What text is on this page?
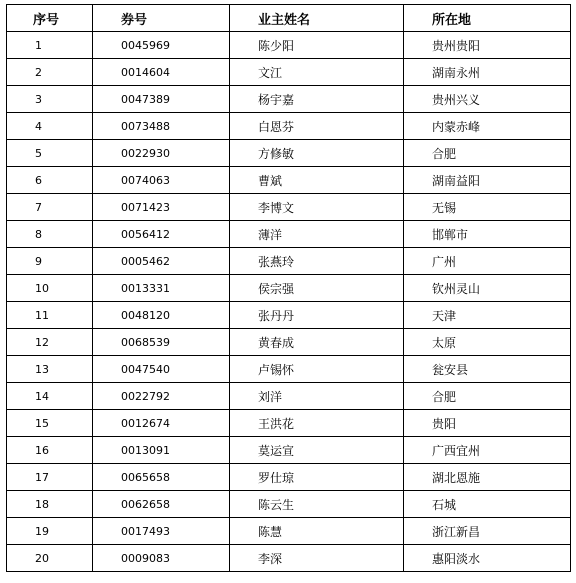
序号	券号	业主姓名	所在地
1	0045969	陈少阳	贵州贵阳
2	0014604	文江	湖南永州
3	0047389	杨宇嘉	贵州兴义
4	0073488	白恩芬	内蒙赤峰
5	0022930	方修敏	合肥
6	0074063	曹斌	湖南益阳
7	0071423	李博文	无锡
8	0056412	薄洋	邯郸市
9	0005462	张燕玲	广州
10	0013331	侯宗强	钦州灵山
11	0048120	张丹丹	天津
12	0068539	黄春成	太原
13	0047540	卢锡怀	瓮安县
14	0022792	刘洋	合肥
15	0012674	王洪花	贵阳
16	0013091	莫运宣	广西宜州
17	0065658	罗仕琼	湖北恩施
18	0062658	陈云生	石城
19	0017493	陈慧	浙江新昌
20	0009083	李深	惠阳淡水
